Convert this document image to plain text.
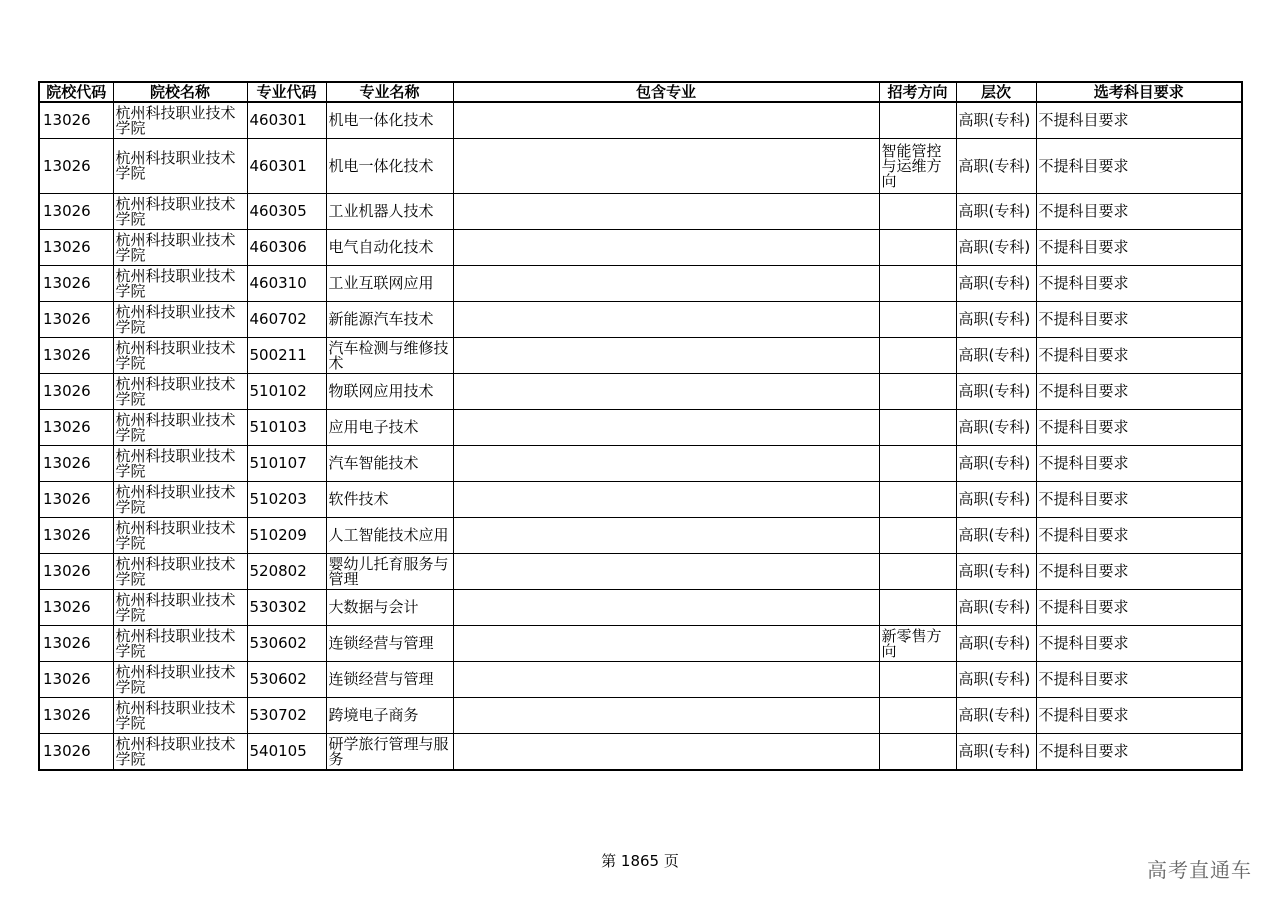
院校代码	院校名称	专业代码	专业名称	包含专业	招考方向	层次	选考科目要求
13026	杭州科技职业技术学院	460301	机电一体化技术			高职(专科)	不提科目要求
13026	杭州科技职业技术学院	460301	机电一体化技术		智能管控与运维方向	高职(专科)	不提科目要求
13026	杭州科技职业技术学院	460305	工业机器人技术			高职(专科)	不提科目要求
13026	杭州科技职业技术学院	460306	电气自动化技术			高职(专科)	不提科目要求
13026	杭州科技职业技术学院	460310	工业互联网应用			高职(专科)	不提科目要求
13026	杭州科技职业技术学院	460702	新能源汽车技术			高职(专科)	不提科目要求
13026	杭州科技职业技术学院	500211	汽车检测与维修技术			高职(专科)	不提科目要求
13026	杭州科技职业技术学院	510102	物联网应用技术			高职(专科)	不提科目要求
13026	杭州科技职业技术学院	510103	应用电子技术			高职(专科)	不提科目要求
13026	杭州科技职业技术学院	510107	汽车智能技术			高职(专科)	不提科目要求
13026	杭州科技职业技术学院	510203	软件技术			高职(专科)	不提科目要求
13026	杭州科技职业技术学院	510209	人工智能技术应用			高职(专科)	不提科目要求
13026	杭州科技职业技术学院	520802	婴幼儿托育服务与管理			高职(专科)	不提科目要求
13026	杭州科技职业技术学院	530302	大数据与会计			高职(专科)	不提科目要求
13026	杭州科技职业技术学院	530602	连锁经营与管理		新零售方向	高职(专科)	不提科目要求
13026	杭州科技职业技术学院	530602	连锁经营与管理			高职(专科)	不提科目要求
13026	杭州科技职业技术学院	530702	跨境电子商务			高职(专科)	不提科目要求
13026	杭州科技职业技术学院	540105	研学旅行管理与服务			高职(专科)	不提科目要求
第 1865 页	高考直通车
